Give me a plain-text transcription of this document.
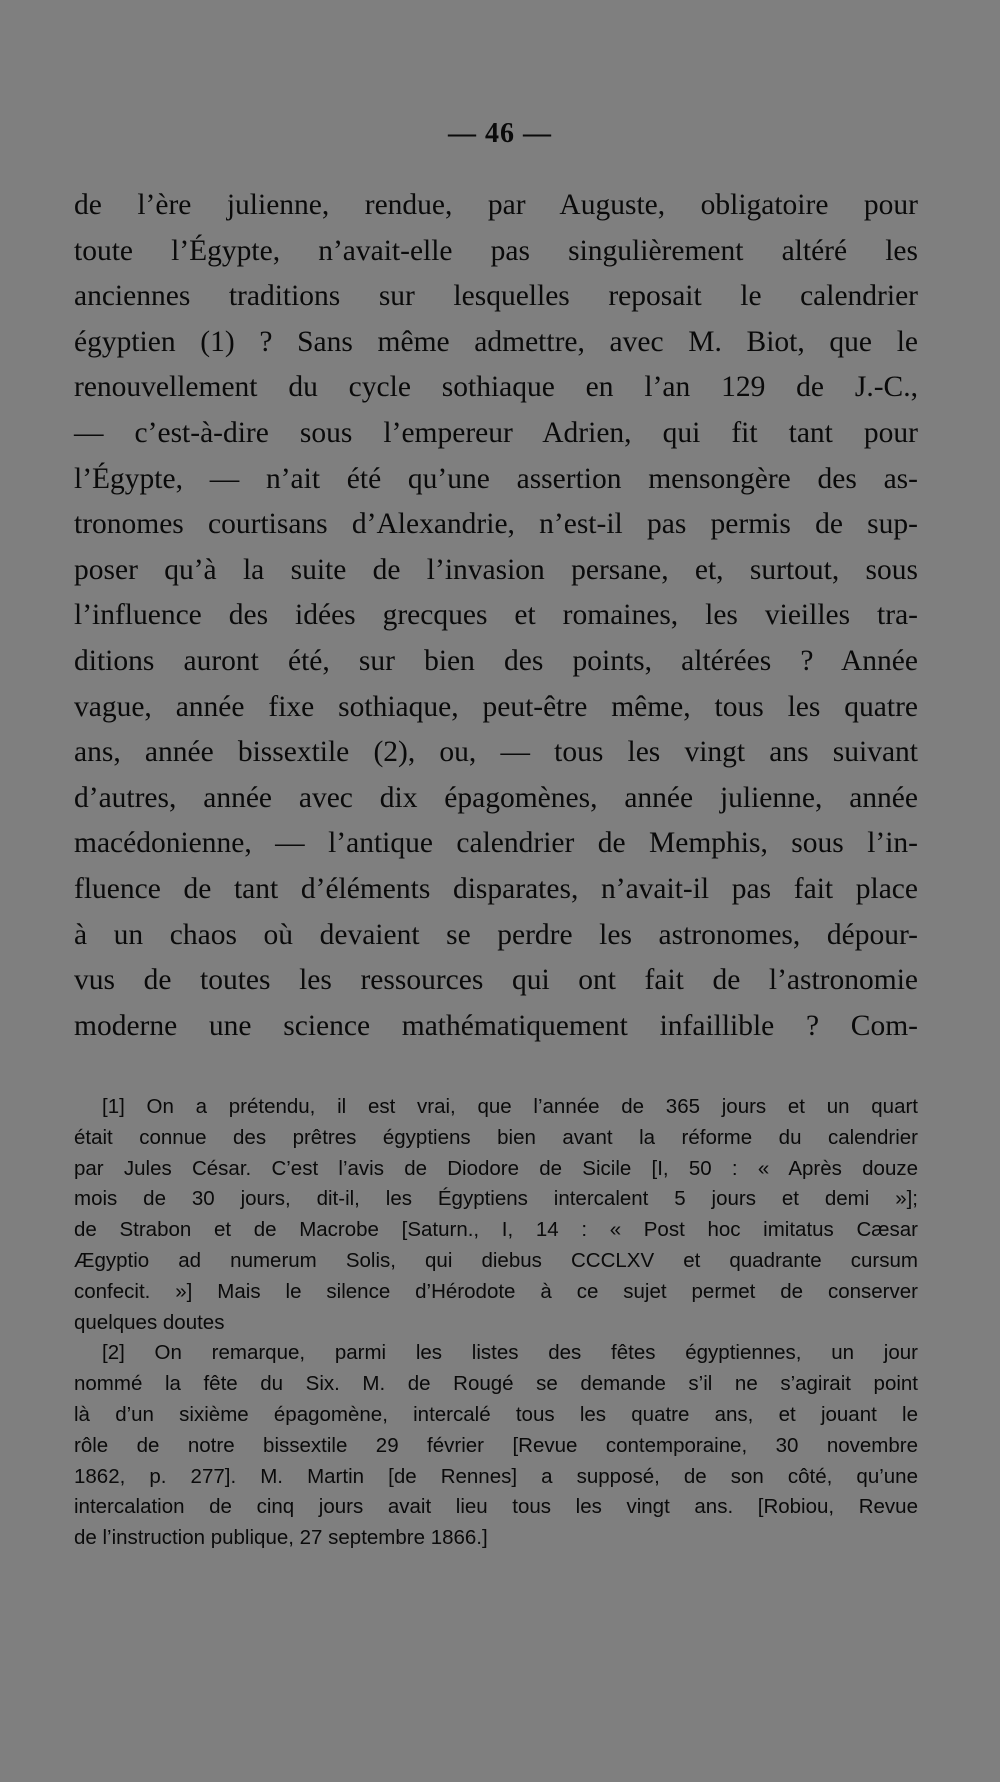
— 46 —
de l’ère julienne, rendue, par Auguste, obligatoire pour
toute l’Égypte, n’avait-elle pas singulièrement altéré les
anciennes traditions sur lesquelles reposait le calendrier
égyptien (1) ? Sans même admettre, avec M. Biot, que le
renouvellement du cycle sothiaque en l’an 129 de J.-C.,
— c’est-à-dire sous l’empereur Adrien, qui fit tant pour
l’Égypte, — n’ait été qu’une assertion mensongère des as-
tronomes courtisans d’Alexandrie, n’est-il pas permis de sup-
poser qu’à la suite de l’invasion persane, et, surtout, sous
l’influence des idées grecques et romaines, les vieilles tra-
ditions auront été, sur bien des points, altérées ? Année
vague, année fixe sothiaque, peut-être même, tous les quatre
ans, année bissextile (2), ou, — tous les vingt ans suivant
d’autres, année avec dix épagomènes, année julienne, année
macédonienne, — l’antique calendrier de Memphis, sous l’in-
fluence de tant d’éléments disparates, n’avait-il pas fait place
à un chaos où devaient se perdre les astronomes, dépour-
vus de toutes les ressources qui ont fait de l’astronomie
moderne une science mathématiquement infaillible ? Com-
[1] On a prétendu, il est vrai, que l’année de 365 jours et un quart
était connue des prêtres égyptiens bien avant la réforme du calendrier
par Jules César. C’est l’avis de Diodore de Sicile [I, 50 : « Après douze
mois de 30 jours, dit-il, les Égyptiens intercalent 5 jours et demi »];
de Strabon et de Macrobe [Saturn., I, 14 : « Post hoc imitatus Cæsar
Ægyptio ad numerum Solis, qui diebus CCCLXV et quadrante cursum
confecit. »] Mais le silence d’Hérodote à ce sujet permet de conserver
quelques doutes
[2] On remarque, parmi les listes des fêtes égyptiennes, un jour
nommé la fête du Six. M. de Rougé se demande s’il ne s’agirait point
là d’un sixième épagomène, intercalé tous les quatre ans, et jouant le
rôle de notre bissextile 29 février [Revue contemporaine, 30 novembre
1862, p. 277]. M. Martin [de Rennes] a supposé, de son côté, qu’une
intercalation de cinq jours avait lieu tous les vingt ans. [Robiou, Revue
de l’instruction publique, 27 septembre 1866.]
